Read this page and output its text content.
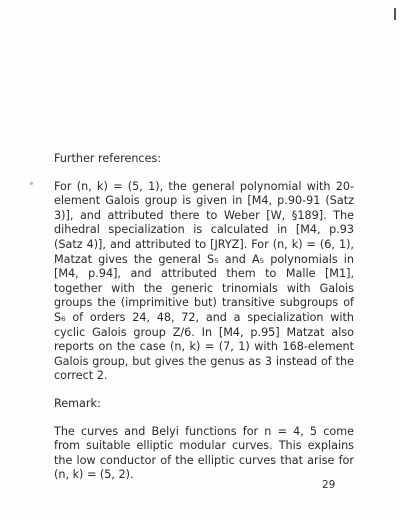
Further references:

For (n, k) = (5, 1), the general polynomial with 20-element Galois group is given in [M4, p.90-91 (Satz 3)], and attributed there to Weber [W, §189]. The dihedral specialization is calculated in [M4, p.93 (Satz 4)], and attributed to [JRYZ]. For (n, k) = (6, 1), Matzat gives the general S₅ and A₅ polynomials in [M4, p.94], and attributed them to Malle [M1], together with the generic trinomials with Galois groups the (imprimitive but) transitive subgroups of S₆ of orders 24, 48, 72, and a specialization with cyclic Galois group Z/6. In [M4, p.95] Matzat also reports on the case (n, k) = (7, 1) with 168-element Galois group, but gives the genus as 3 instead of the correct 2.

Remark:

The curves and Belyi functions for n = 4, 5 come from suitable elliptic modular curves. This explains the low conductor of the elliptic curves that arise for (n, k) = (5, 2).

29
